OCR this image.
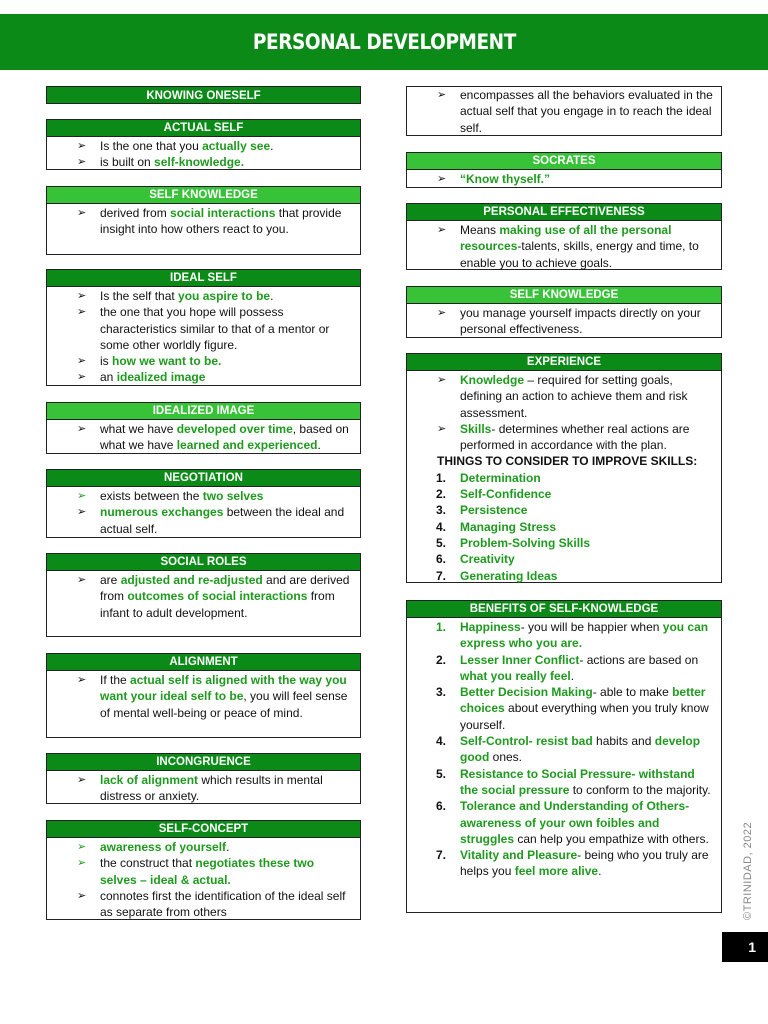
PERSONAL DEVELOPMENT
KNOWING ONESELF
ACTUAL SELF
➢ Is the one that you actually see.
➢ is built on self-knowledge.
SELF KNOWLEDGE
➢ derived from social interactions that provide insight into how others react to you.
IDEAL SELF
➢ Is the self that you aspire to be.
➢ the one that you hope will possess characteristics similar to that of a mentor or some other worldly figure.
➢ is how we want to be.
➢ an idealized image
IDEALIZED IMAGE
➢ what we have developed over time, based on what we have learned and experienced.
NEGOTIATION
➢ exists between the two selves
➢ numerous exchanges between the ideal and actual self.
SOCIAL ROLES
➢ are adjusted and re-adjusted and are derived from outcomes of social interactions from infant to adult development.
ALIGNMENT
➢ If the actual self is aligned with the way you want your ideal self to be, you will feel sense of mental well-being or peace of mind.
INCONGRUENCE
➢ lack of alignment which results in mental distress or anxiety.
SELF-CONCEPT
➢ awareness of yourself.
➢ the construct that negotiates these two selves – ideal & actual.
➢ connotes first the identification of the ideal self as separate from others
➢ encompasses all the behaviors evaluated in the actual self that you engage in to reach the ideal self.
SOCRATES
➢ “Know thyself.”
PERSONAL EFFECTIVENESS
➢ Means making use of all the personal resources-talents, skills, energy and time, to enable you to achieve goals.
SELF KNOWLEDGE
➢ you manage yourself impacts directly on your personal effectiveness.
EXPERIENCE
➢ Knowledge – required for setting goals, defining an action to achieve them and risk assessment.
➢ Skills- determines whether real actions are performed in accordance with the plan.
THINGS TO CONSIDER TO IMPROVE SKILLS:
1. Determination
2. Self-Confidence
3. Persistence
4. Managing Stress
5. Problem-Solving Skills
6. Creativity
7. Generating Ideas
BENEFITS OF SELF-KNOWLEDGE
1. Happiness- you will be happier when you can express who you are.
2. Lesser Inner Conflict- actions are based on what you really feel.
3. Better Decision Making- able to make better choices about everything when you truly know yourself.
4. Self-Control- resist bad habits and develop good ones.
5. Resistance to Social Pressure- withstand the social pressure to conform to the majority.
6. Tolerance and Understanding of Others- awareness of your own foibles and struggles can help you empathize with others.
7. Vitality and Pleasure- being who you truly are helps you feel more alive.	©TRINIDAD, 2022
1
